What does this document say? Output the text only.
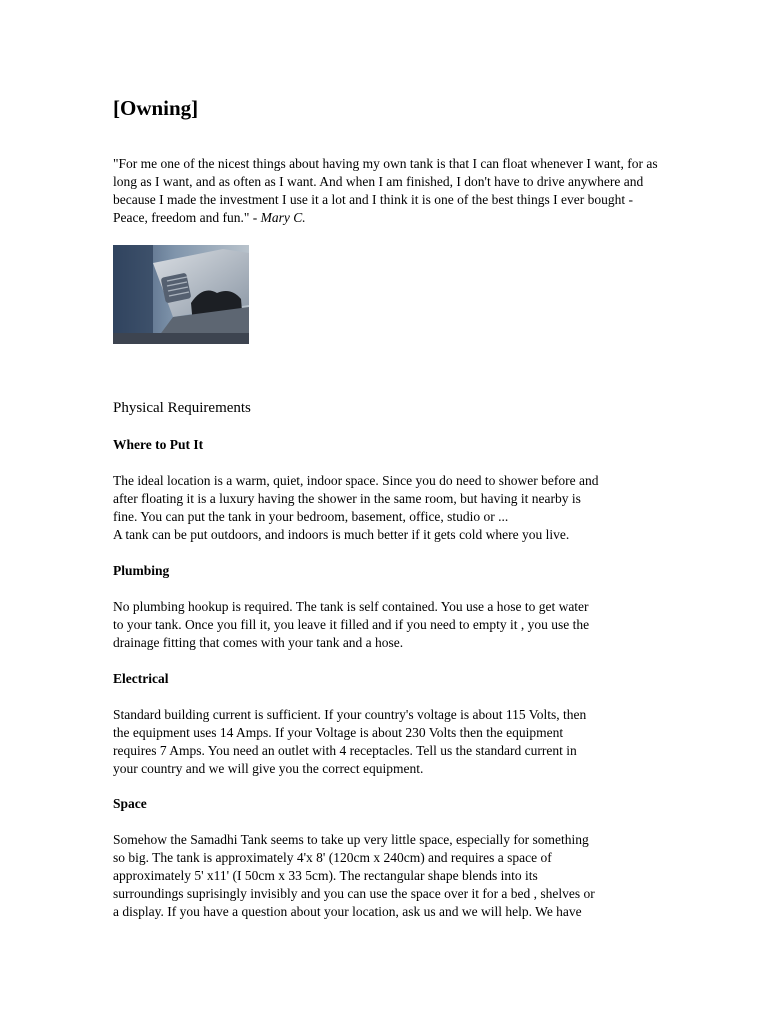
[Owning]

"For me one of the nicest things about having my own tank is that I can float whenever I want, for as long as I want, and as often as I want. And when I am finished, I don't have to drive anywhere and because I made the investment I use it a lot and I think it is one of the best things I ever bought - Peace, freedom and fun." - Mary C.

Physical Requirements
Where to Put It
The ideal location is a warm, quiet, indoor space. Since you do need to shower before and
after floating it is a luxury having the shower in the same room, but having it nearby is
fine. You can put the tank in your bedroom, basement, office, studio or ...
A tank can be put outdoors, and indoors is much better if it gets cold where you live.
Plumbing
No plumbing hookup is required. The tank is self contained. You use a hose to get water
to your tank. Once you fill it, you leave it filled and if you need to empty it , you use the
drainage fitting that comes with your tank and a hose.
Electrical
Standard building current is sufficient. If your country's voltage is about 115 Volts, then
the equipment uses 14 Amps. If your Voltage is about 230 Volts then the equipment
requires 7 Amps. You need an outlet with 4 receptacles. Tell us the standard current in
your country and we will give you the correct equipment.
Space
Somehow the Samadhi Tank seems to take up very little space, especially for something
so big. The tank is approximately 4'x 8' (120cm x 240cm) and requires a space of
approximately 5' x11' (I 50cm x 33 5cm). The rectangular shape blends into its
surroundings suprisingly invisibly and you can use the space over it for a bed , shelves or
a display. If you have a question about your location, ask us and we will help. We have
